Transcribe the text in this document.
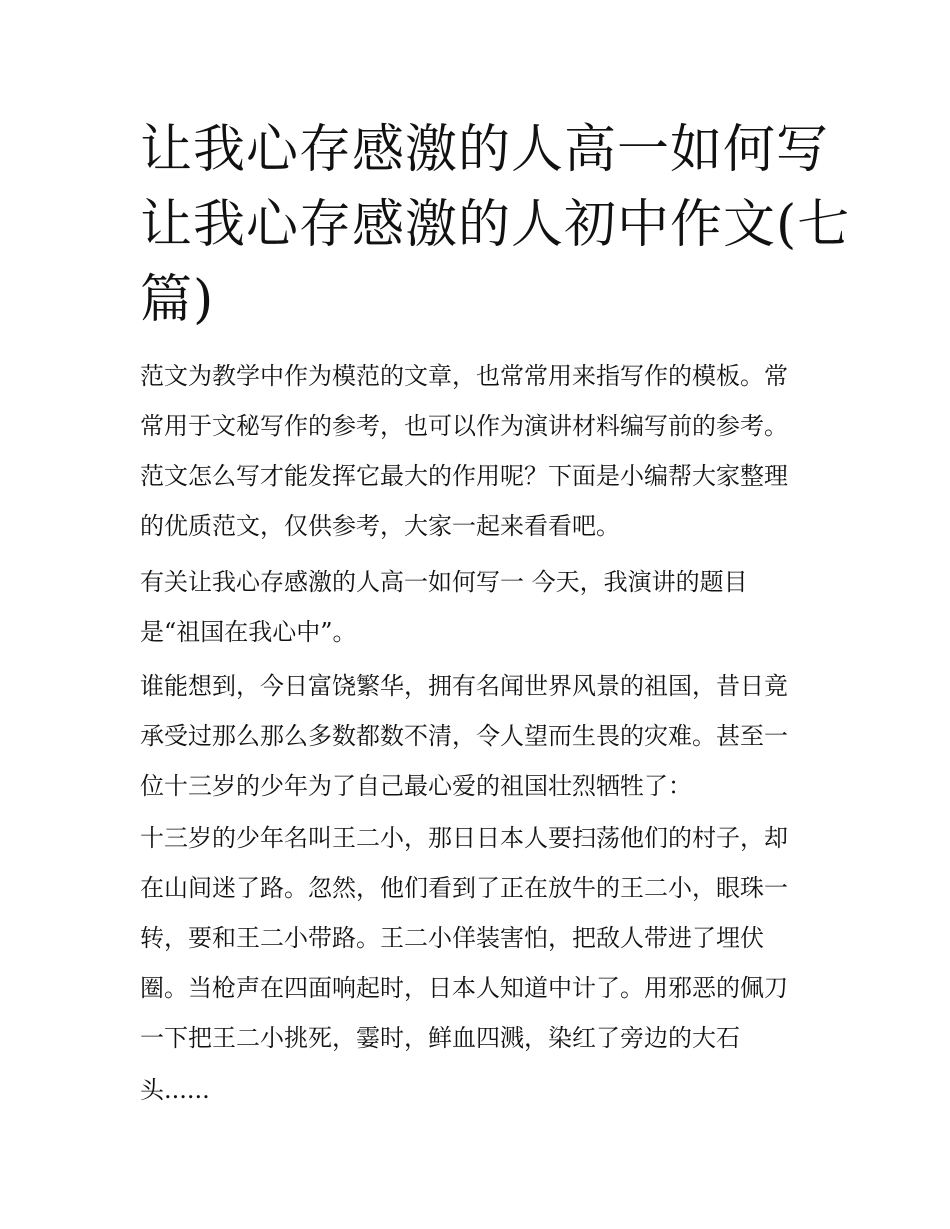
让我心存感激的人高一如何写
让我心存感激的人初中作文(七
篇)
范文为教学中作为模范的文章，也常常用来指写作的模板。常
常用于文秘写作的参考，也可以作为演讲材料编写前的参考。
范文怎么写才能发挥它最大的作用呢？下面是小编帮大家整理
的优质范文，仅供参考，大家一起来看看吧。
有关让我心存感激的人高一如何写一 今天，我演讲的题目
是“祖国在我心中”。
谁能想到，今日富饶繁华，拥有名闻世界风景的祖国，昔日竟
承受过那么那么多数都数不清，令人望而生畏的灾难。甚至一
位十三岁的少年为了自己最心爱的祖国壮烈牺牲了：
十三岁的少年名叫王二小，那日日本人要扫荡他们的村子，却
在山间迷了路。忽然，他们看到了正在放牛的王二小，眼珠一
转，要和王二小带路。王二小佯装害怕，把敌人带进了埋伏
圈。当枪声在四面响起时，日本人知道中计了。用邪恶的佩刀
一下把王二小挑死，霎时，鲜血四溅，染红了旁边的大石
头......
